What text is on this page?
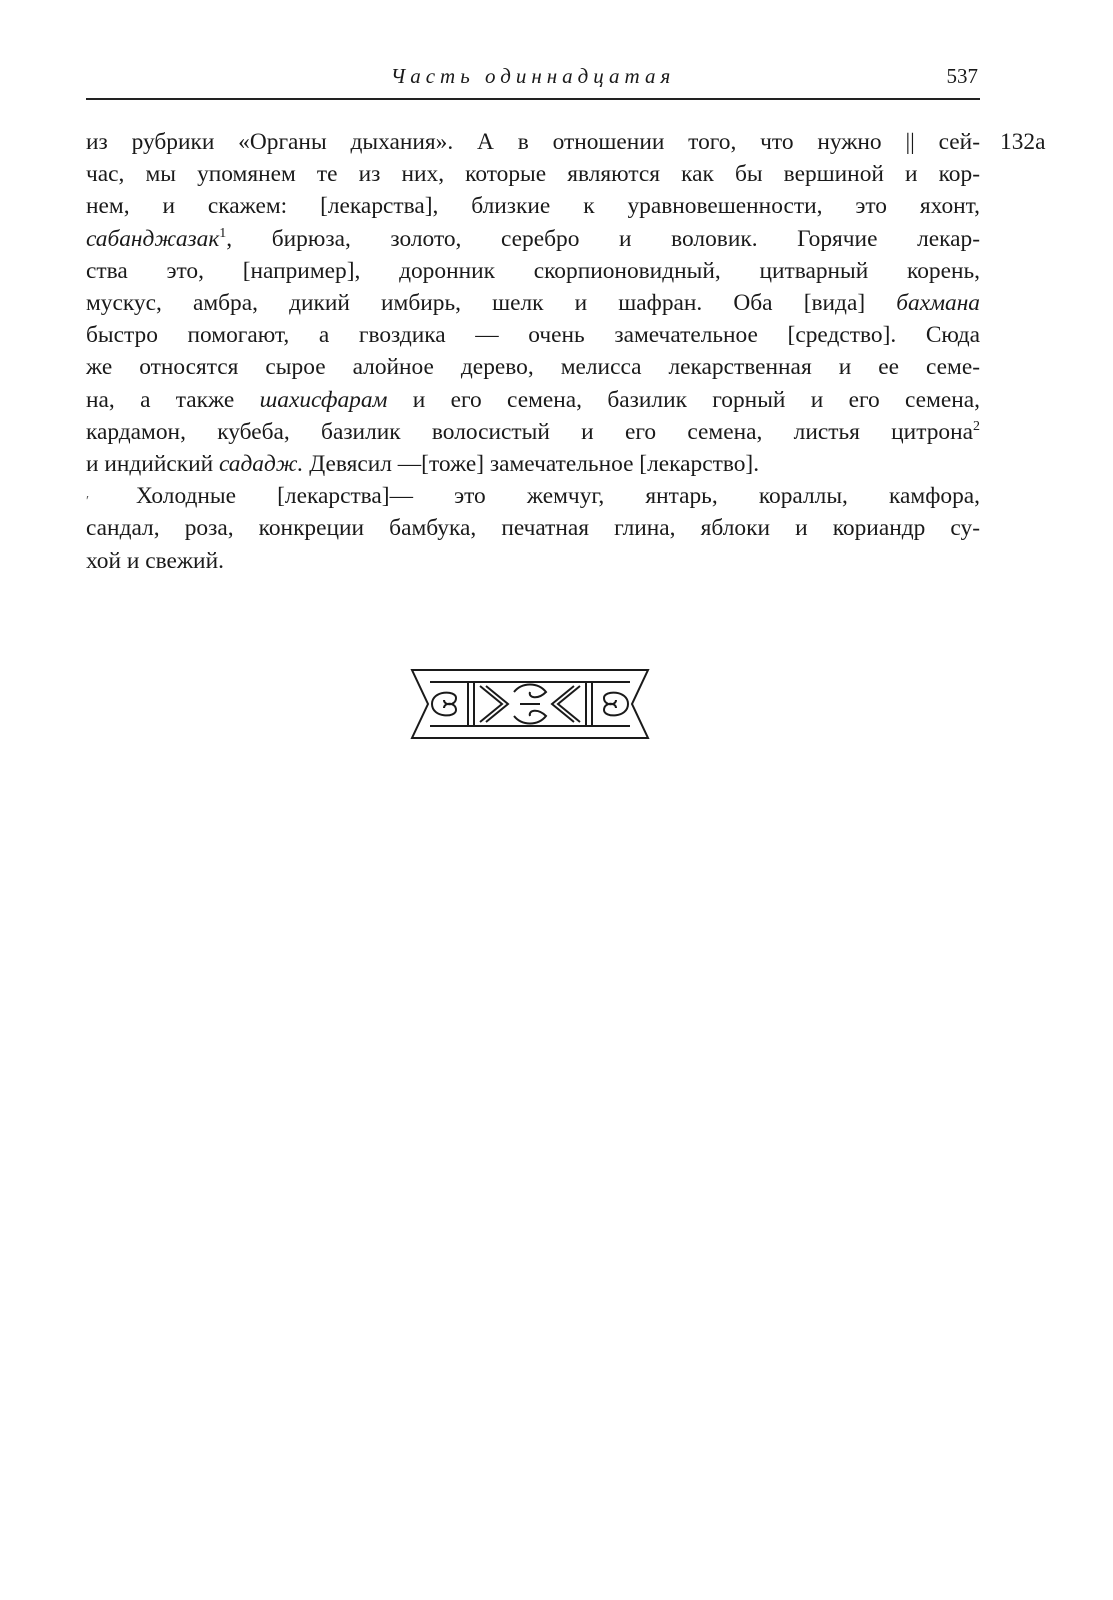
Часть одиннадцатая	537
132а

из рубрики «Органы дыхания». А в отношении того, что нужно || сей-
час, мы упомянем те из них, которые являются как бы вершиной и кор-
нем, и скажем: [лекарства], близкие к уравновешенности, это яхонт,
сабанджазак$^1$, бирюза, золото, серебро и воловик. Горячие лекар-
ства это, [например], доронник скорпионовидный, цитварный корень,
мускус, амбра, дикий имбирь, шелк и шафран. Оба [вида] бахмана
быстро помогают, а гвоздика — очень замечательное [средство]. Сюда
же относятся сырое алойное дерево, мелисса лекарственная и ее семе-
на, а также шахисфарам и его семена, базилик горный и его семена,
кардамон, кубеба, базилик волосистый и его семена, листья цитрона$^2$
и индийский сададж. Девясил —[тоже] замечательное [лекарство].

Холодные [лекарства]— это жемчуг, янтарь, кораллы, камфора,
сандал, роза, конкреции бамбука, печатная глина, яблоки и кориандр су-
хой и свежий.

′
